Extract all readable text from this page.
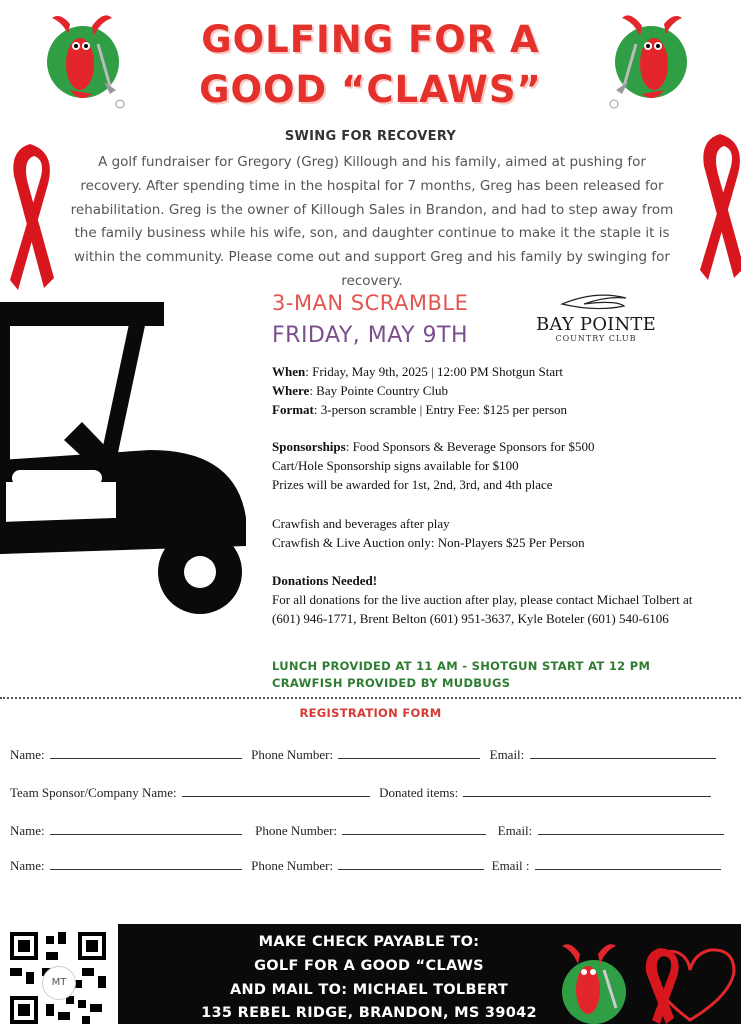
GOLFING FOR A
GOOD “CLAWS”
SWING FOR RECOVERY
A golf fundraiser for Gregory (Greg) Killough and his family, aimed at pushing for recovery. After spending time in the hospital for 7 months, Greg has been released for rehabilitation. Greg is the owner of Killough Sales in Brandon, and had to step away from the family business while his wife, son, and daughter continue to make it the staple it is within the community. Please come out and support Greg and his family by swinging for recovery.
3-MAN SCRAMBLE
FRIDAY, MAY 9TH	BAY POINTE
COUNTRY CLUB
When: Friday, May 9th, 2025 | 12:00 PM Shotgun Start
Where: Bay Pointe Country Club
Format: 3-person scramble | Entry Fee: $125 per person
Sponsorships: Food Sponsors & Beverage Sponsors for $500
Cart/Hole Sponsorship signs available for $100
Prizes will be awarded for 1st, 2nd, 3rd, and 4th place
Crawfish and beverages after play
Crawfish & Live Auction only: Non-Players $25 Per Person
Donations Needed!
For all donations for the live auction after play, please contact Michael Tolbert at (601) 946-1771, Brent Belton (601) 951-3637, Kyle Boteler (601) 540-6106
LUNCH PROVIDED AT 11 AM - SHOTGUN START AT 12 PM
CRAWFISH PROVIDED BY MUDBUGS
REGISTRATION FORM
Name:	Phone Number:	Email:
Team Sponsor/Company Name:	Donated items:
Name:	Phone Number:	Email:
Name:	Phone Number:	Email :
MT
MAKE CHECK PAYABLE TO:
GOLF FOR A GOOD “CLAWS
AND MAIL TO: MICHAEL TOLBERT
135 REBEL RIDGE, BRANDON, MS 39042
